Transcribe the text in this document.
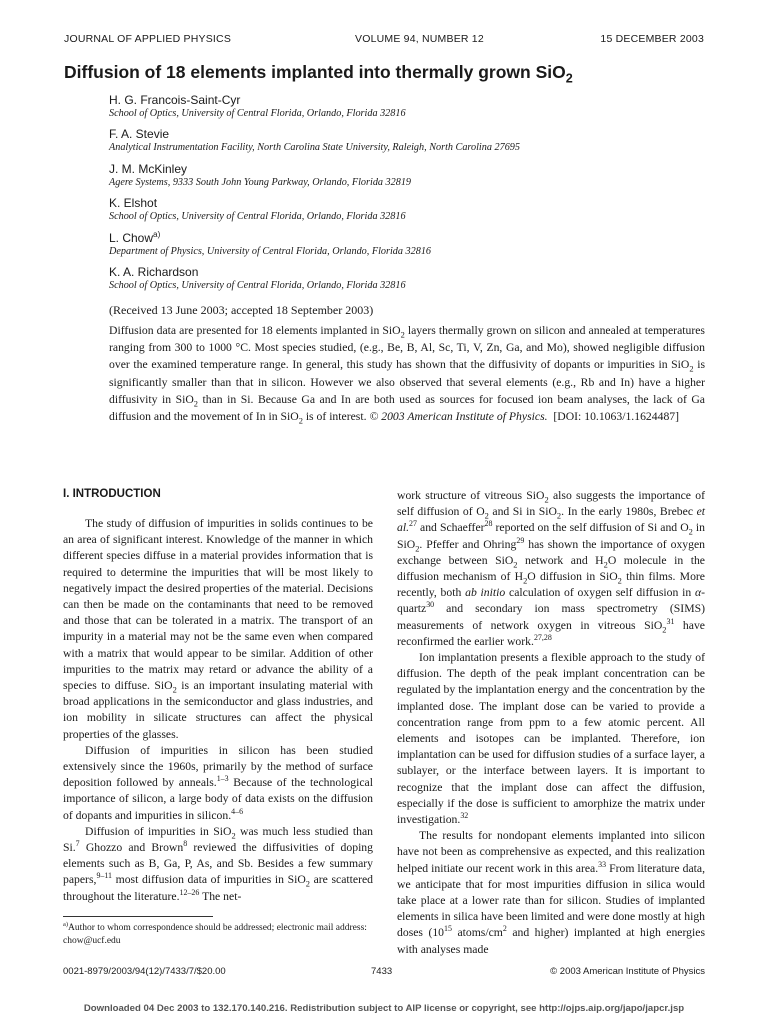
JOURNAL OF APPLIED PHYSICS	VOLUME 94, NUMBER 12	15 DECEMBER 2003
Diffusion of 18 elements implanted into thermally grown SiO$_2$
H. G. Francois-Saint-Cyr
School of Optics, University of Central Florida, Orlando, Florida 32816
F. A. Stevie
Analytical Instrumentation Facility, North Carolina State University, Raleigh, North Carolina 27695
J. M. McKinley
Agere Systems, 9333 South John Young Parkway, Orlando, Florida 32819
K. Elshot
School of Optics, University of Central Florida, Orlando, Florida 32816
L. Chow$^{a)}$
Department of Physics, University of Central Florida, Orlando, Florida 32816
K. A. Richardson
School of Optics, University of Central Florida, Orlando, Florida 32816
(Received 13 June 2003; accepted 18 September 2003)
Diffusion data are presented for 18 elements implanted in SiO$_2$ layers thermally grown on silicon and annealed at temperatures ranging from 300 to 1000 °C. Most species studied, (e.g., Be, B, Al, Sc, Ti, V, Zn, Ga, and Mo), showed negligible diffusion over the examined temperature range. In general, this study has shown that the diffusivity of dopants or impurities in SiO$_2$ is significantly smaller than that in silicon. However we also observed that several elements (e.g., Rb and In) have a higher diffusivity in SiO$_2$ than in Si. Because Ga and In are both used as sources for focused ion beam analyses, the lack of Ga diffusion and the movement of In in SiO$_2$ is of interest. © 2003 American Institute of Physics.  [DOI: 10.1063/1.1624487]
I. INTRODUCTION

The study of diffusion of impurities in solids continues to be an area of significant interest. Knowledge of the manner in which different species diffuse in a material provides information that is required to determine the impurities that will be most likely to negatively impact the desired properties of the material. Decisions can then be made on the contaminants that need to be removed and those that can be tolerated in a matrix. The transport of an impurity in a material may not be the same even when compared with a matrix that would appear to be similar. Addition of other impurities to the matrix may retard or advance the ability of a species to diffuse. SiO$_2$ is an important insulating material with broad applications in the semiconductor and glass industries, and ion mobility in silicate structures can affect the physical properties of the glasses.

Diffusion of impurities in silicon has been studied extensively since the 1960s, primarily by the method of surface deposition followed by anneals.$^{1-3}$ Because of the technological importance of silicon, a large body of data exists on the diffusion of dopants and impurities in silicon.$^{4-6}$

Diffusion of impurities in SiO$_2$ was much less studied than Si.$^7$ Ghozzo and Brown$^8$ reviewed the diffusivities of doping elements such as B, Ga, P, As, and Sb. Besides a few summary papers,$^{9-11}$ most diffusion data of impurities in SiO$_2$ are scattered throughout the literature.$^{12-26}$ The net-

work structure of vitreous SiO$_2$ also suggests the importance of self diffusion of $O_2$ and Si in SiO$_2$. In the early 1980s, Brebec et al.$^{27}$ and Schaeffer$^{28}$ reported on the self diffusion of Si and $O_2$ in SiO$_2$. Pfeffer and Ohring$^{29}$ has shown the importance of oxygen exchange between SiO$_2$ network and $H_2O$ molecule in the diffusion mechanism of $H_2O$ diffusion in SiO$_2$ thin films. More recently, both ab initio calculation of oxygen self diffusion in α-quartz$^{30}$ and secondary ion mass spectrometry (SIMS) measurements of network oxygen in vitreous SiO$_2^{31}$ have reconfirmed the earlier work.$^{27,28}$

Ion implantation presents a flexible approach to the study of diffusion. The depth of the peak implant concentration can be regulated by the implantation energy and the concentration by the implanted dose. The implant dose can be varied to provide a concentration range from ppm to a few atomic percent. All elements and isotopes can be implanted. Therefore, ion implantation can be used for diffusion studies of a surface layer, a sublayer, or the interface between layers. It is important to recognize that the implant dose can affect the diffusion, especially if the dose is sufficient to amorphize the matrix under investigation.$^{32}$

The results for nondopant elements implanted into silicon have not been as comprehensive as expected, and this realization helped initiate our recent work in this area.$^{33}$ From literature data, we anticipate that for most impurities diffusion in silica would take place at a lower rate than for silicon. Studies of implanted elements in silica have been limited and were done mostly at high doses ($10^{15}$ atoms/$cm^2$ and higher) implanted at high energies with analyses made

$^{a)}$Author to whom correspondence should be addressed; electronic mail address: chow@ucf.edu
0021-8979/2003/94(12)/7433/7/$20.00	7433	© 2003 American Institute of Physics
Downloaded 04 Dec 2003 to 132.170.140.216. Redistribution subject to AIP license or copyright, see http://ojps.aip.org/japo/japcr.jsp
